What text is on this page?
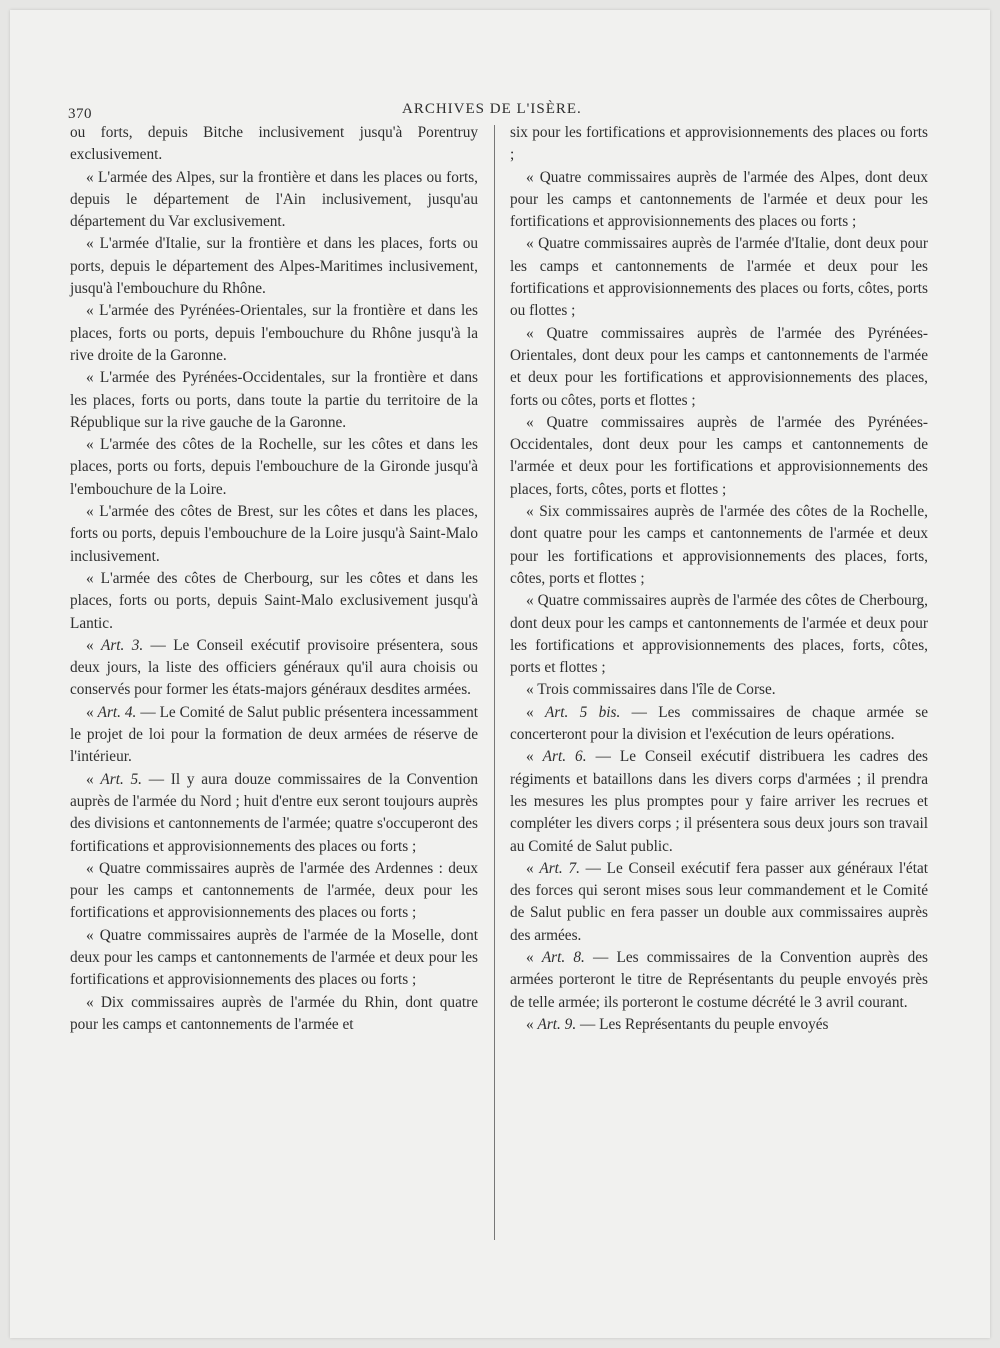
370	ARCHIVES DE L'ISÈRE.

ou forts, depuis Bitche inclusivement jusqu'à Porentruy exclusivement.

« L'armée des Alpes, sur la frontière et dans les places ou forts, depuis le département de l'Ain inclusivement, jusqu'au département du Var exclusivement.

« L'armée d'Italie, sur la frontière et dans les places, forts ou ports, depuis le département des Alpes-Maritimes inclusivement, jusqu'à l'embouchure du Rhône.

« L'armée des Pyrénées-Orientales, sur la frontière et dans les places, forts ou ports, depuis l'embouchure du Rhône jusqu'à la rive droite de la Garonne.

« L'armée des Pyrénées-Occidentales, sur la frontière et dans les places, forts ou ports, dans toute la partie du territoire de la République sur la rive gauche de la Garonne.

« L'armée des côtes de la Rochelle, sur les côtes et dans les places, ports ou forts, depuis l'embouchure de la Gironde jusqu'à l'embouchure de la Loire.

« L'armée des côtes de Brest, sur les côtes et dans les places, forts ou ports, depuis l'embouchure de la Loire jusqu'à Saint-Malo inclusivement.

« L'armée des côtes de Cherbourg, sur les côtes et dans les places, forts ou ports, depuis Saint-Malo exclusivement jusqu'à Lantic.

« Art. 3. — Le Conseil exécutif provisoire présentera, sous deux jours, la liste des officiers généraux qu'il aura choisis ou conservés pour former les états-majors généraux desdites armées.

« Art. 4. — Le Comité de Salut public présentera incessamment le projet de loi pour la formation de deux armées de réserve de l'intérieur.

« Art. 5. — Il y aura douze commissaires de la Convention auprès de l'armée du Nord ; huit d'entre eux seront toujours auprès des divisions et cantonnements de l'armée; quatre s'occuperont des fortifications et approvisionnements des places ou forts ;

« Quatre commissaires auprès de l'armée des Ardennes : deux pour les camps et cantonnements de l'armée, deux pour les fortifications et approvisionnements des places ou forts ;

« Quatre commissaires auprès de l'armée de la Moselle, dont deux pour les camps et cantonnements de l'armée et deux pour les fortifications et approvisionnements des places ou forts ;

« Dix commissaires auprès de l'armée du Rhin, dont quatre pour les camps et cantonnements de l'armée et

six pour les fortifications et approvisionnements des places ou forts ;

« Quatre commissaires auprès de l'armée des Alpes, dont deux pour les camps et cantonnements de l'armée et deux pour les fortifications et approvisionnements des places ou forts ;

« Quatre commissaires auprès de l'armée d'Italie, dont deux pour les camps et cantonnements de l'armée et deux pour les fortifications et approvisionnements des places ou forts, côtes, ports ou flottes ;

« Quatre commissaires auprès de l'armée des Pyrénées-Orientales, dont deux pour les camps et cantonnements de l'armée et deux pour les fortifications et approvisionnements des places, forts ou côtes, ports et flottes ;

« Quatre commissaires auprès de l'armée des Pyrénées-Occidentales, dont deux pour les camps et cantonnements de l'armée et deux pour les fortifications et approvisionnements des places, forts, côtes, ports et flottes ;

« Six commissaires auprès de l'armée des côtes de la Rochelle, dont quatre pour les camps et cantonnements de l'armée et deux pour les fortifications et approvisionnements des places, forts, côtes, ports et flottes ;

« Quatre commissaires auprès de l'armée des côtes de Cherbourg, dont deux pour les camps et cantonnements de l'armée et deux pour les fortifications et approvisionnements des places, forts, côtes, ports et flottes ;

« Trois commissaires dans l'île de Corse.

« Art. 5 bis. — Les commissaires de chaque armée se concerteront pour la division et l'exécution de leurs opérations.

« Art. 6. — Le Conseil exécutif distribuera les cadres des régiments et bataillons dans les divers corps d'armées ; il prendra les mesures les plus promptes pour y faire arriver les recrues et compléter les divers corps ; il présentera sous deux jours son travail au Comité de Salut public.

« Art. 7. — Le Conseil exécutif fera passer aux généraux l'état des forces qui seront mises sous leur commandement et le Comité de Salut public en fera passer un double aux commissaires auprès des armées.

« Art. 8. — Les commissaires de la Convention auprès des armées porteront le titre de Représentants du peuple envoyés près de telle armée; ils porteront le costume décrété le 3 avril courant.

« Art. 9. — Les Représentants du peuple envoyés
